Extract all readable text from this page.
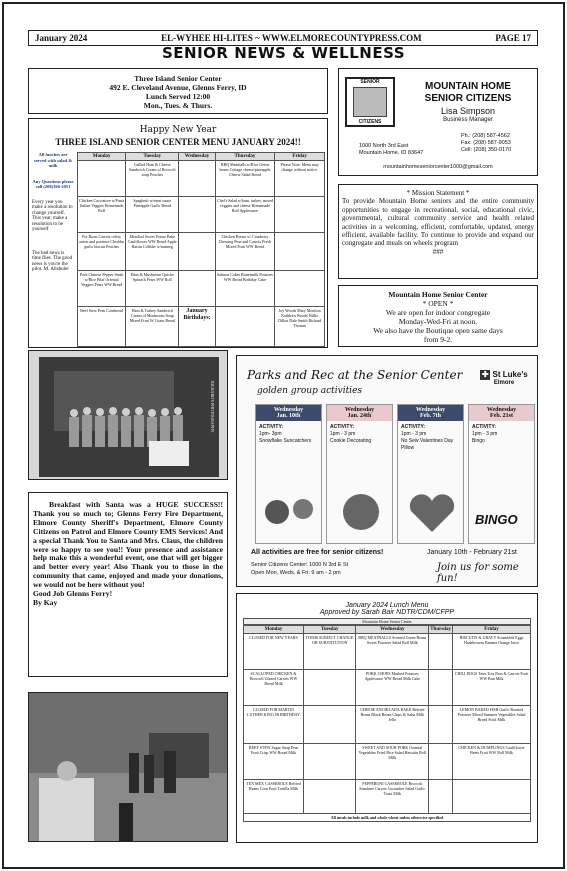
January 2024	EL-WYHEE HI-LITES ~ WWW.ELMORECOUNTYPRESS.COM	PAGE 17
SENIOR NEWS & WELLNESS
Three Island Senior Center
492 E. Cleveland Avenue, Glenns Ferry, ID
Lunch Served 12:00
Mon., Tues. & Thurs.
SENIOR
CITIZENS
MOUNTAIN HOME
SENIOR CITIZENS
Lisa Simpson
Business Manager
1000 North 3rd East
Mountain Home, ID 83647
Ph.: (208) 587-4562
Fax: (208) 587-9053
Cell: (208) 350-0170
mountainhomeseniorcenter1000@gmail.com
Happy New Year
THREE ISLAND SENIOR CENTER MENU JANUARY 2024!!
All lunches are served with salad & milk
Any Questions please call (208)366-2051
Every year you make a resolution to change yourself. This year, make a resolution to be yourself
The bad news is time flies. The good news is you're the pilot. M. Altshuler
Monday	Tuesday	Wednesday	Thursday	Friday
	Grilled Ham & Cheese Sandwich Cream of Broccoli soup Peaches		BBQ Meatballs w/Rice Green beans Cottage cheese/pineapple Cheese Salad Bread	Please Note: Menu may change without notice.
Chicken Cacciatore w/Pasta Italian Veggies Homemade Roll	Spaghetti w/meat sauce Pineapple Garlic Bread		Chef's Salad w/ham, turkey, mixed veggies and cheese Homemade Roll Applesauce	
Pot Roast Carrots celery onion and potatoes Cheddar garlic biscuit Peaches	Meatloaf Sweet Potato Bake Cauliflower WW Bread Apple Raisin Cobbler w/nutmeg		Chicken Breast w/ Cranberry Dressing Peas and Carrots Fresh Mixed Fruit WW Bread	
Pork Chinese Pepper Steak w/Rice Pilaf Oriental Veggies Pears WW Bread	Ham & Mushroom Quiche Spinach Pears WW Roll		Salmon Cakes Buttermilk Potatoes WW Bread Birthday Cake	
Beef Stew Peas Cornbread	Ham & Turkey Sandwich Cream of Mushroom Soup Mixed Fruit W. Grain Bread	January Birthdays:		Joy Woods Mary Moulton Kathleen Woody Billie Dillon Dale Smith Richard Thomas
* Mission Statement *
To provide Mountain Home seniors and the entire community opportunities to engage in recreational, social, educational civic, governmental, cultural community service and health related activities in a welcoming, efficient, comfortable, updated, energy efficient, available facility. To continue to provide and expand our congregate and meals on wheels program
###
Mountain Home Senior Center
* OPEN *
We are open for indoor congregate
Monday-Wed-Fri at noon.
We also have the Boutique open same days
from 9-2.
RICHARD'S PHOTOGRAPHY
Parks and Rec at the Senior Center
golden group activities
✚ St Luke's
Elmore
Wednesday
Jan. 10th
ACTIVITY:
1pm- 3pm
Snowflake Suncatchers
Wednesday
Jan. 24th
ACTIVITY:
1pm - 3 pm
Cookie Decorating
Wednesday
Feb. 7th
ACTIVITY:
1pm - 3 pm
No Sew Valentines Day Pillow
Wednesday
Feb. 21st
ACTIVITY:
1pm - 3 pm
Bingo
BINGO
All activities are free for senior citizens!	January 10th - February 21st
Senior Citizens Center: 1000 N 3rd E St
Open Mon, Weds, & Fri: 9 am - 2 pm	Join us for some fun!
Breakfast with Santa was a HUGE SUCCESS!! Thank you so much to; Glenns Ferry Fire Department, Elmore County Sheriff's Department, Elmore County Citizens on Patrol and Elmore County EMS Services! And a special Thank You to Santa and Mrs. Claus, the children were so happy to see you!! Your presence and assistance help make this a wonderful event, one that will get bigger and better every year! Also Thank you to those in the community that came, enjoyed and made your donations, we would not be here without you!
Good Job Glenns Ferry!
By Kay	January 2024 Lunch Menu
Approved by Sarah Bair NDTR/CDM/CFPP
Mountain Home Senior Center
Monday	Tuesday	Wednesday	Thursday	Friday
CLOSED FOR NEW YEARS	ITEMS SUBJECT CHANGE OR SUBSTITUTION	BBQ MEATBALLS Scented Green Beans Sweet Potatoes Salad Roll Milk		BISCUITS & GRAVY Scrambled Eggs Hashbrowns Banana Orange Juice
SCALLOPED CHICKEN & Broccoli Glazed Carrots WW Bread Milk		PORK CHOPS Mashed Potatoes Applesauce WW Bread Milk Cake		CHILI DOGS Tater Tots Peas & Carrots Fruit WW Bun Milk
CLOSED FOR MARTIN LUTHER KING JR BIRTHDAY		CHEESE ENCHILADA BAKE Refried Beans Black Beans Chips & Salsa Milk Jello		LEMON BAKED FISH Garlic Roasted Potatoes Mixed Summer Vegetables Salad Bread Stick Milk
BEEF STEW Sugar Snap Peas Fruit Crisp WW Bread Milk		SWEET AND SOUR PORK Oriental Vegetables Fried Rice Salad Hawaiin Roll Milk		CHICKEN & DUMPLINGS Cauliflower Beets Fruit WW Roll Milk
TEX MEX CASSEROLE Refried Beans Corn Fruit Tortilla Milk		PEPPERONI CASSEROLE Broccoli Sunshine Carrots Cucumber Salad Garlic Toast Milk		
All meals include milk and whole wheat unless otherwise specified
